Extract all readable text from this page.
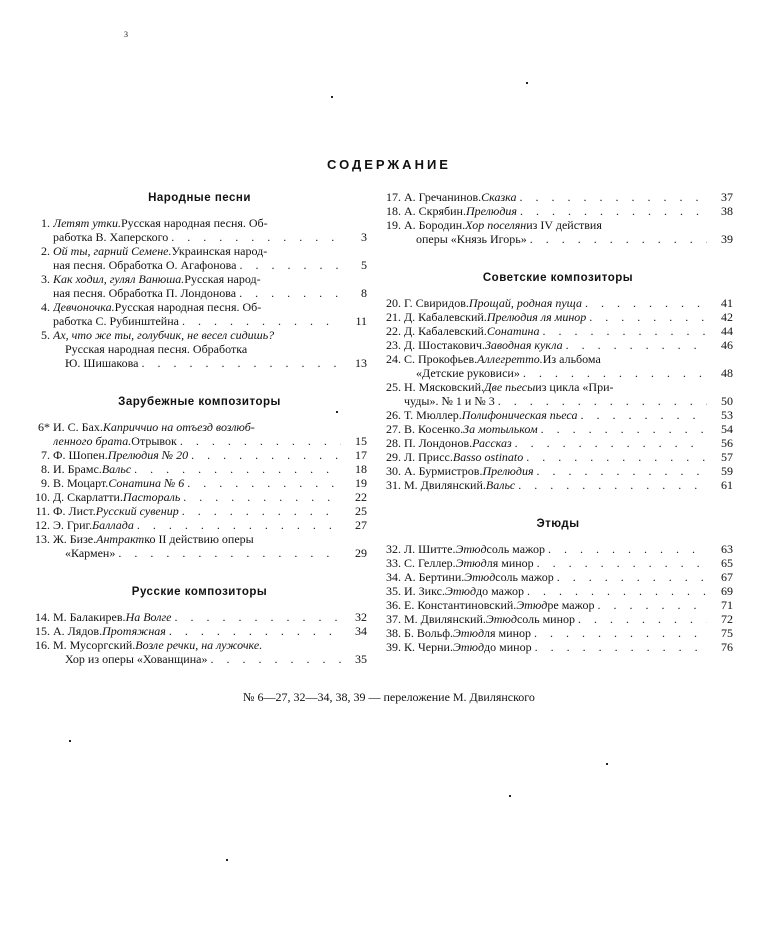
3
СОДЕРЖАНИЕ
Народные песни
1. Летят утки. Русская народная песня. Об-
работка В. Хаперского . . .	3
2. Ой ты, гарний Семене. Украинская народ-
ная песня. Обработка О. Агафонова . . .	5
3. Как ходил, гулял Ванюша. Русская народ-
ная песня. Обработка П. Лондонова . . .	8
4. Девчоночка. Русская народная песня. Об-
работка С. Рубинштейна . . .	11
5. Ах, что же ты, голубчик, не весел сидишь?
Русская народная песня. Обработка
Ю. Шишакова . . .	13
Зарубежные композиторы
6* И. С. Бах. Каприччио на отъезд возлюб-
ленного брата. Отрывок . . .	15
7. Ф. Шопен. Прелюдия № 20 . . .	17
8. И. Брамс. Вальс . . .	18
9. В. Моцарт. Сонатина № 6 . . .	19
10. Д. Скарлатти. Пастораль . . .	22
11. Ф. Лист. Русский сувенир . . .	25
12. Э. Григ. Баллада . . .	27
13. Ж. Бизе. Антракт ко II действию оперы
«Кармен» . . .	29
Русские композиторы
14. М. Балакирев. На Волге . . .	32
15. А. Лядов. Протяжная . . .	34
16. М. Мусоргский. Возле речки, на лужочке.
Хор из оперы «Хованщина» . . .	35
17. А. Гречанинов. Сказка . . .	37
18. А. Скрябин. Прелюдия . . .	38
19. А. Бородин. Хор поселян из IV действия
оперы «Князь Игорь» . . .	39
Советские композиторы
20. Г. Свиридов. Прощай, родная пуща . . .	41
21. Д. Кабалевский. Прелюдия ля минор . . .	42
22. Д. Кабалевский. Сонатина . . .	44
23. Д. Шостакович. Заводная кукла . . .	46
24. С. Прокофьев. Аллегретто. Из альбома
«Детские руковиси» . . .	48
25. Н. Мясковский. Две пьесы из цикла «При-
чуды». № 1 и № 3 . . .	50
26. Т. Мюллер. Полифоническая пьеса . . .	53
27. В. Косенко. За мотыльком . . .	54
28. П. Лондонов. Рассказ . . .	56
29. Л. Присс. Basso ostinato . . .	57
30. А. Бурмистров. Прелюдия . . .	59
31. М. Двилянский. Вальс . . .	61
Этюды
32. Л. Шитте. Этюд соль мажор . . .	63
33. С. Геллер. Этюд ля минор . . .	65
34. А. Бертини. Этюд соль мажор . . .	67
35. И. Зикс. Этюд до мажор . . .	69
36. Е. Константиновский. Этюд ре мажор . . .	71
37. М. Двилянский. Этюд соль минор . . .	72
38. Б. Вольф. Этюд ля минор . . .	75
39. К. Черни. Этюд до минор . . .	76
№ 6—27, 32—34, 38, 39 — переложение М. Двилянского
